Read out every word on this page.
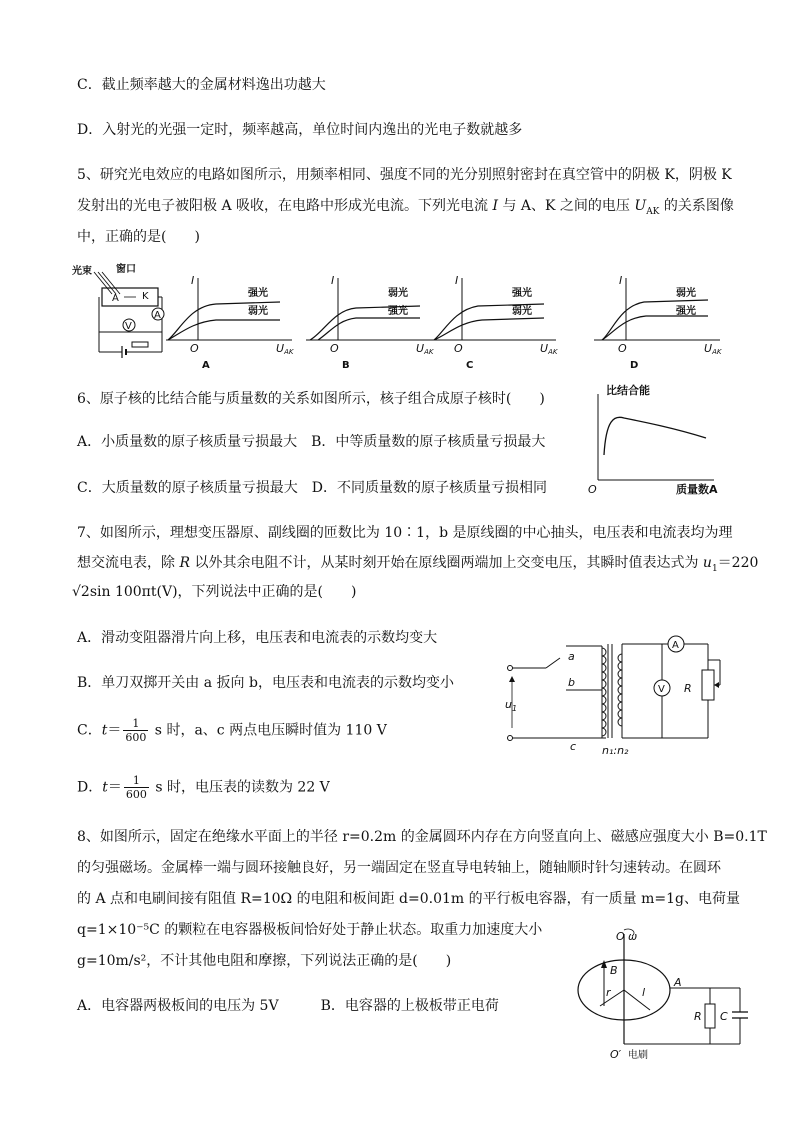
C．截止频率越大的金属材料逸出功越大
D．入射光的光强一定时，频率越高，单位时间内逸出的光电子数就越多
5、研究光电效应的电路如图所示，用频率相同、强度不同的光分别照射密封在真空管中的阴极 K，阴极 K
发射出的光电子被阳极 A 吸收，在电路中形成光电流。下列光电流 I 与 A、K 之间的电压 $U_{AK}$ 的关系图像
中，正确的是(　　)
光束 窗口
A K
A
V
I
O	UAK
A
强光
弱光
I
O	UAK
B
弱光
强光
I
O	UAK
C
强光
弱光
I
O	UAK
D
弱光
强光
6、原子核的比结合能与质量数的关系如图所示，核子组合成原子核时(　　)
A．小质量数的原子核质量亏损最大 B．中等质量数的原子核质量亏损最大
C．大质量数的原子核质量亏损最大 D．不同质量数的原子核质量亏损相同
比结合能
O	质量数A
7、如图所示，理想变压器原、副线圈的匝数比为 10∶1，b 是原线圈的中心抽头，电压表和电流表均为理
想交流电表，除 R 以外其余电阻不计，从某时刻开始在原线圈两端加上交变电压，其瞬时值表达式为 $u_1=220$
√2sin 100πt(V)，下列说法中正确的是(　　)
A．滑动变阻器滑片向上移，电压表和电流表的示数均变大
B．单刀双掷开关由 a 扳向 b，电压表和电流表的示数均变小
C．$t= \frac{1}{600}$ s 时，a、c 两点电压瞬时值为 110 V
D．$t= \frac{1}{600}$ s 时，电压表的读数为 22 V
$u_1$
a
b
c
A
V R
n₁:n₂
8、如图所示，固定在绝缘水平面上的半径 r=0.2m 的金属圆环内存在方向竖直向上、磁感应强度大小 B=0.1T
的匀强磁场。金属棒一端与圆环接触良好，另一端固定在竖直导电转轴上，随轴顺时针匀速转动。在圆环
的 A 点和电刷间接有阻值 R=10Ω 的电阻和板间距 d=0.01m 的平行板电容器，有一质量 m=1g、电荷量
q=1×10⁻⁵C 的颗粒在电容器极板间恰好处于静止状态。取重力加速度大小
g=10m/s²，不计其他电阻和摩擦，下列说法正确的是(　　)
A．电容器两极板间的电压为 5V	B．电容器的上极板带正电荷
O ω
B
r	l
A
R C
O′ 电刷
